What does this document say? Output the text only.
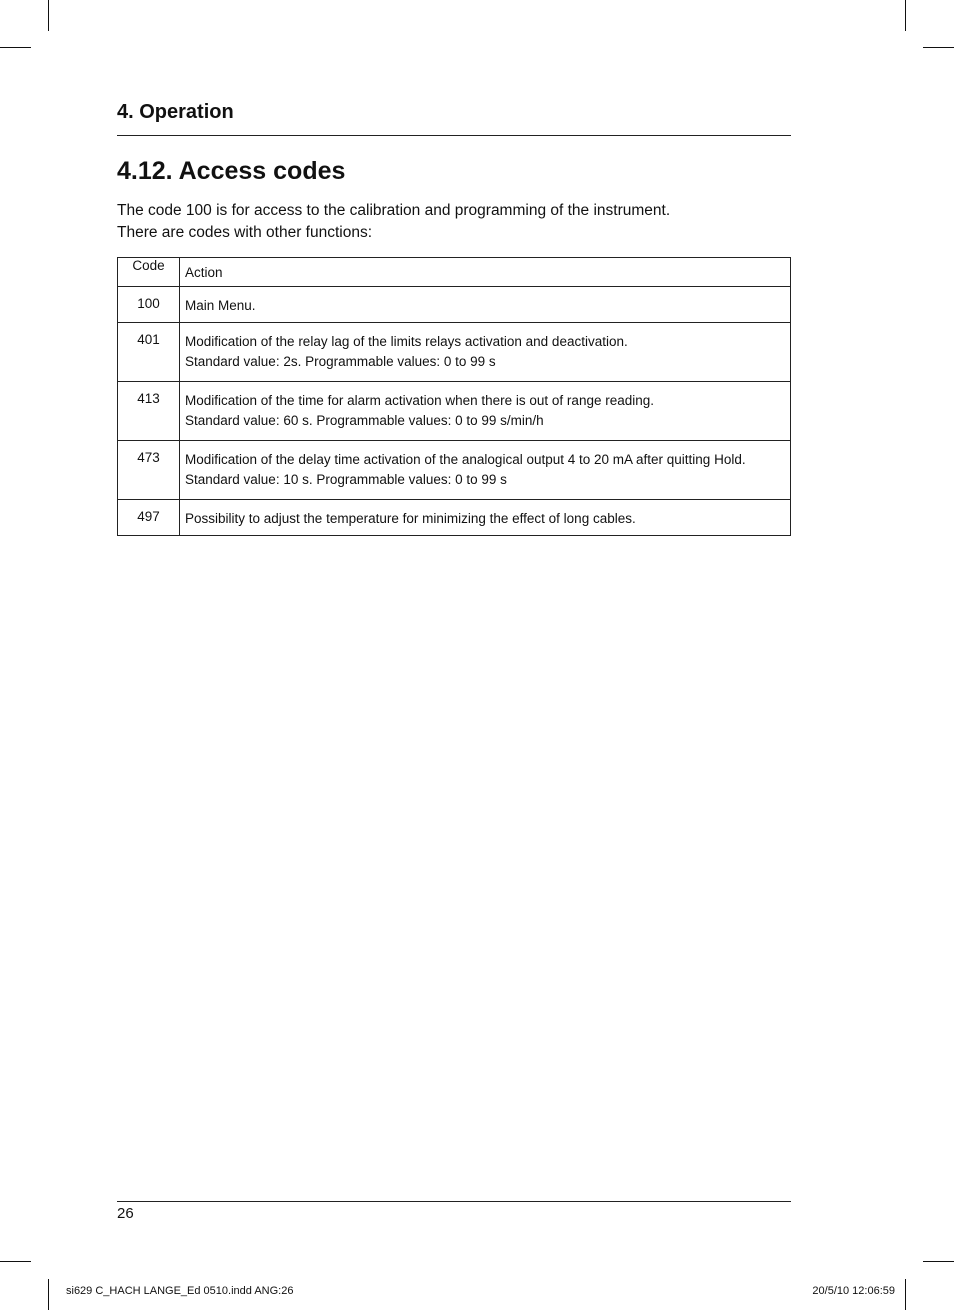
4. Operation
4.12. Access codes
The code 100 is for access to the calibration and programming of the instrument.
There are codes with other functions:
Code	Action
100	Main Menu.

401	Modification of the relay lag of the limits relays activation and deactivation.
Standard value: 2s. Programmable values: 0 to 99 s

413	Modification of the time for alarm activation when there is out of range reading.
Standard value: 60 s. Programmable values: 0 to 99 s/min/h

473	Modification of the delay time activation of the analogical output 4 to 20 mA after quitting Hold.
Standard value: 10 s. Programmable values: 0 to 99 s

497	Possibility to adjust the temperature for minimizing the effect of long cables.
26
si629 C_HACH LANGE_Ed 0510.indd ANG:26	20/5/10 12:06:59
